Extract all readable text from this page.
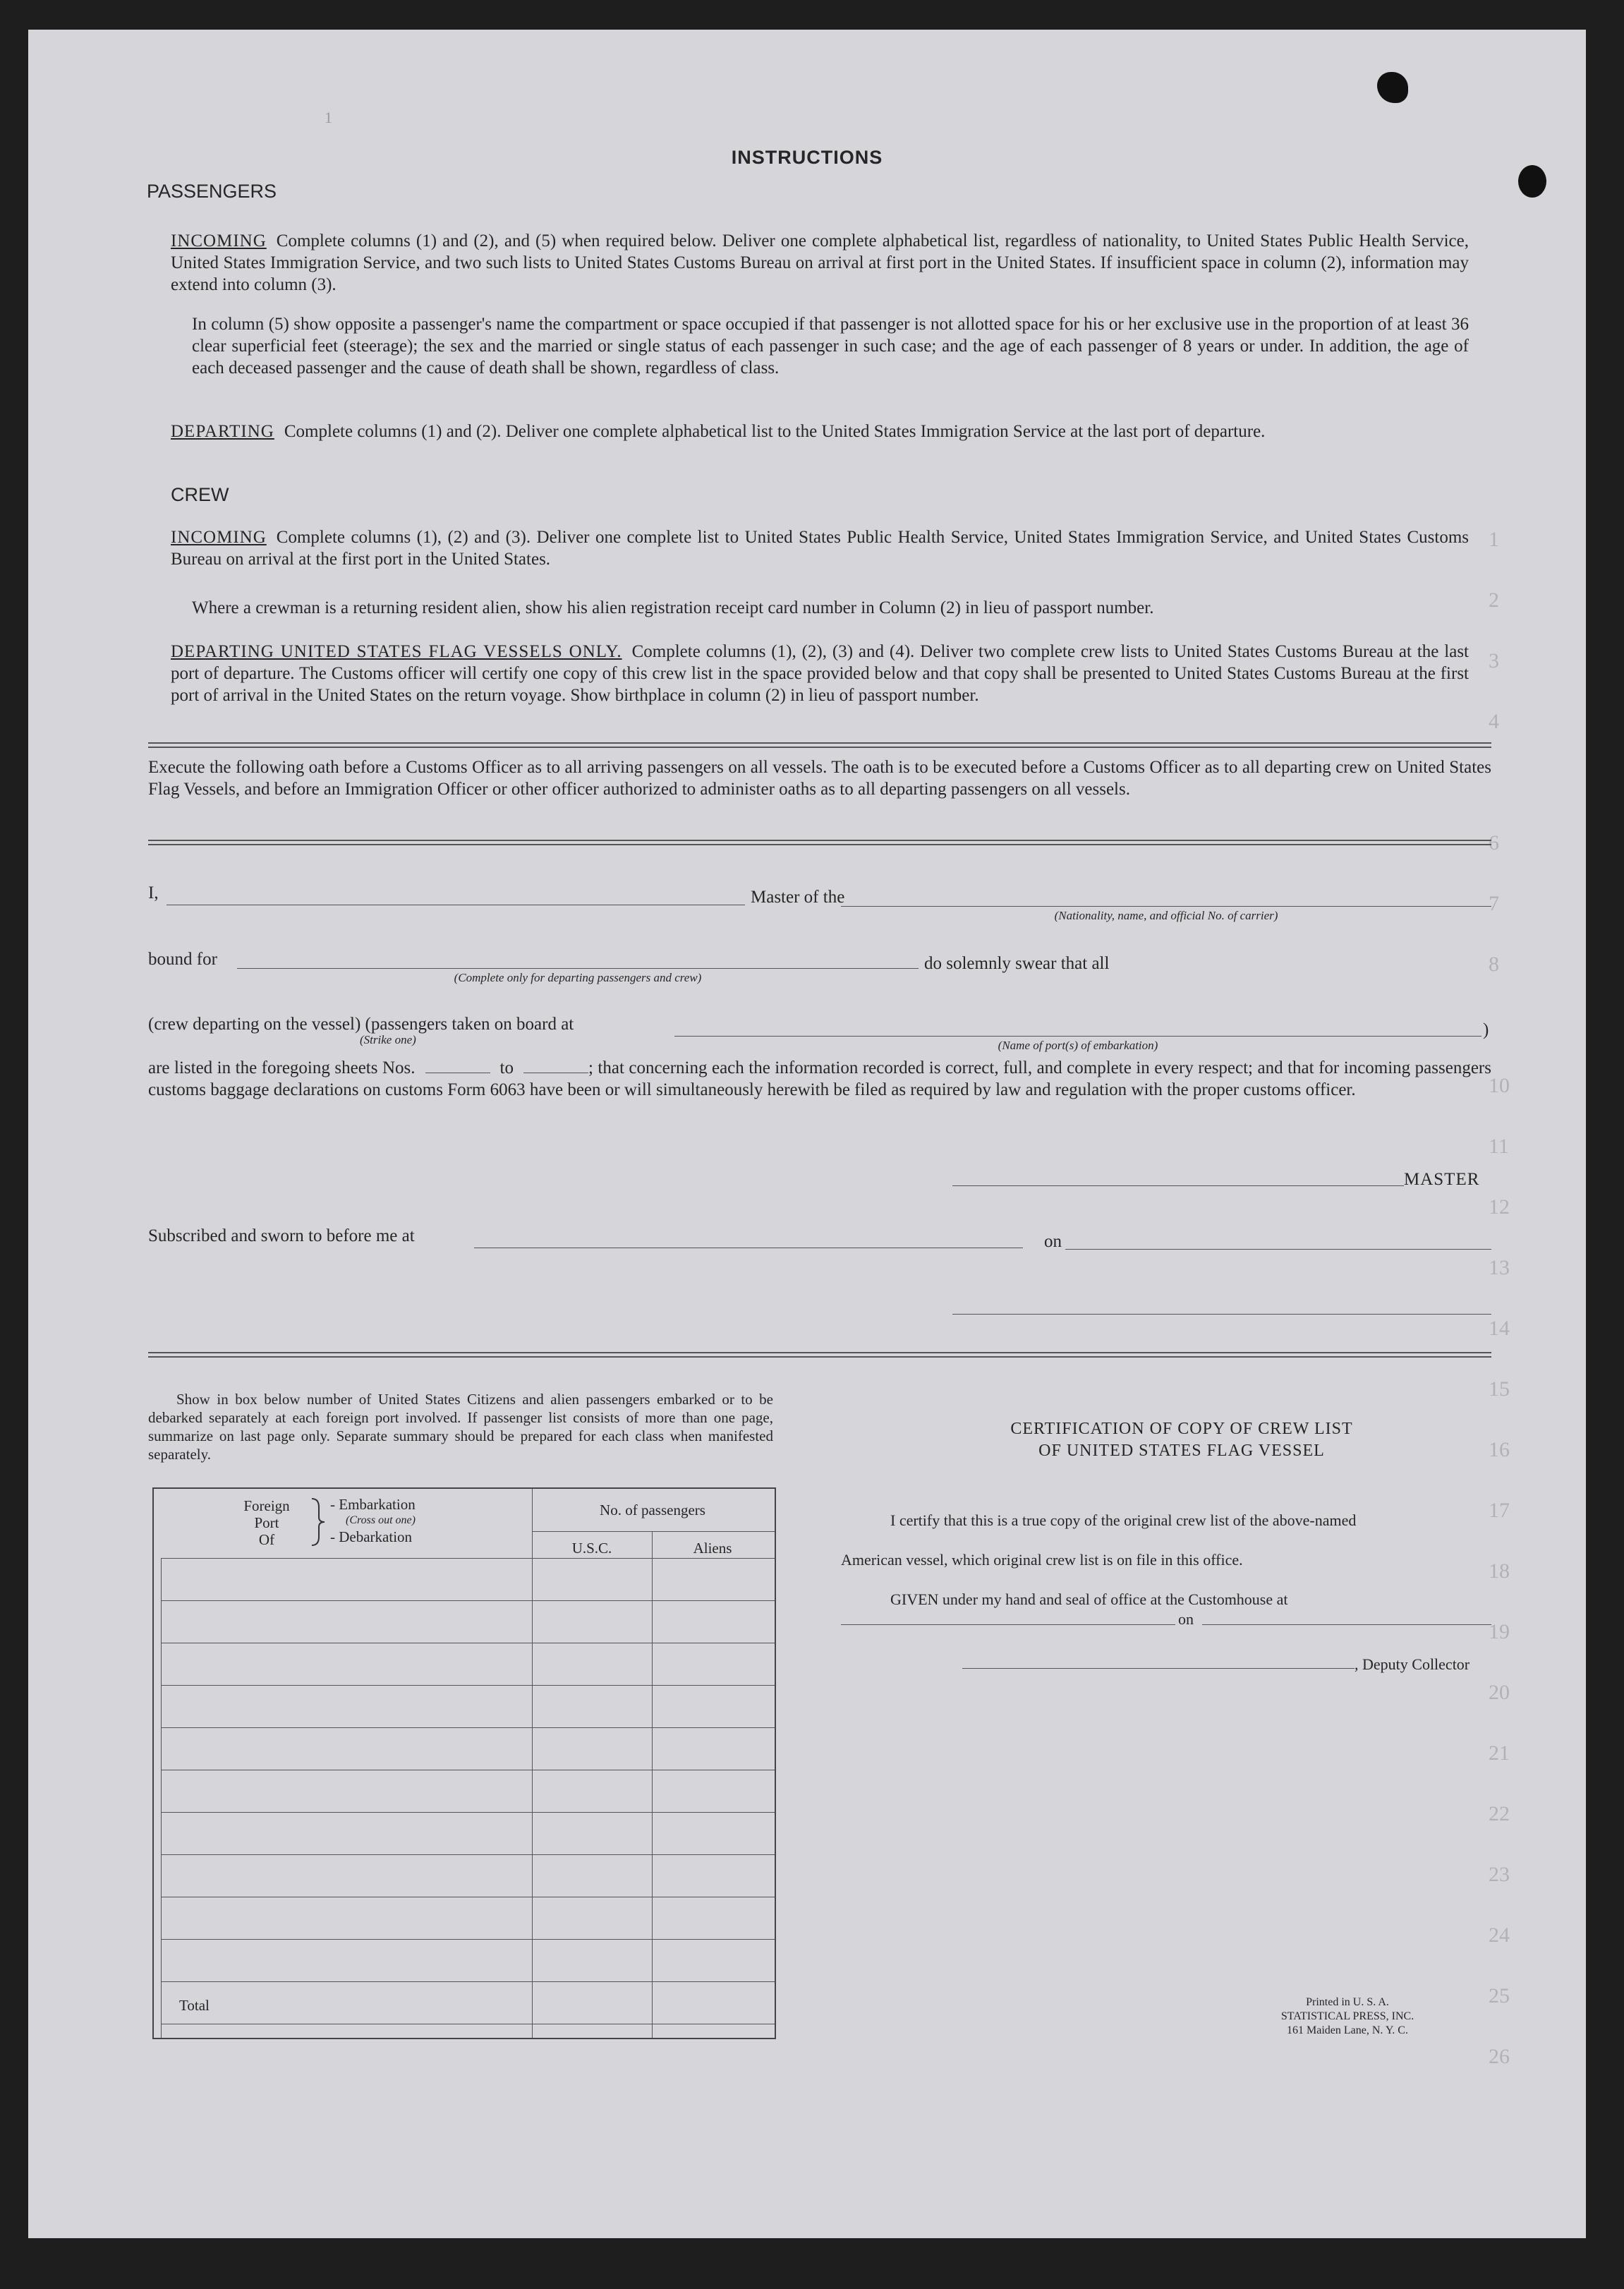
1
1
2
3
4

6
7
8

10
11
12
13
14
15
16
17
18
19
20
21
22
23
24
25
26
INSTRUCTIONS
PASSENGERS

INCOMING Complete columns (1) and (2), and (5) when required below. Deliver one complete alphabetical list, regardless of nationality, to United States Public Health Service, United States Immigration Service, and two such lists to United States Customs Bureau on arrival at first port in the United States. If insufficient space in column (2), information may extend into column (3).

In column (5) show opposite a passenger's name the compartment or space occupied if that passenger is not allotted space for his or her exclusive use in the proportion of at least 36 clear superficial feet (steerage); the sex and the married or single status of each passenger in such case; and the age of each passenger of 8 years or under. In addition, the age of each deceased passenger and the cause of death shall be shown, regardless of class.

DEPARTING Complete columns (1) and (2). Deliver one complete alphabetical list to the United States Immigration Service at the last port of departure.

CREW

INCOMING Complete columns (1), (2) and (3). Deliver one complete list to United States Public Health Service, United States Immigration Service, and United States Customs Bureau on arrival at the first port in the United States.

Where a crewman is a returning resident alien, show his alien registration receipt card number in Column (2) in lieu of passport number.

DEPARTING UNITED STATES FLAG VESSELS ONLY. Complete columns (1), (2), (3) and (4). Deliver two complete crew lists to United States Customs Bureau at the last port of departure. The Customs officer will certify one copy of this crew list in the space provided below and that copy shall be presented to United States Customs Bureau at the first port of arrival in the United States on the return voyage. Show birthplace in column (2) in lieu of passport number.

Execute the following oath before a Customs Officer as to all arriving passengers on all vessels. The oath is to be executed before a Customs Officer as to all departing crew on United States Flag Vessels, and before an Immigration Officer or other officer authorized to administer oaths as to all departing passengers on all vessels.

I,	Master of the
(Nationality, name, and official No. of carrier)
bound for
(Complete only for departing passengers and crew)
do solemnly swear that all
(crew departing on the vessel) (passengers taken on board at
(Strike one)
)
(Name of port(s) of embarkation)

are listed in the foregoing sheets Nos.	to	; that concerning each the information recorded is correct, full, and complete in every respect; and that for incoming passengers customs baggage declarations on customs Form 6063 have been or will simultaneously herewith be filed as required by law and regulation with the proper customs officer.

MASTER
Subscribed and sworn to before me at	on

Show in box below number of United States Citizens and alien passengers embarked or to be debarked separately at each foreign port involved. If passenger list consists of more than one page, summarize on last page only. Separate summary should be prepared for each class when manifested separately.

Foreign
Port
Of
- Embarkation
(Cross out one)
- Debarkation
No. of passengers
U.S.C.	Aliens
Total
CERTIFICATION OF COPY OF CREW LIST
OF UNITED STATES FLAG VESSEL
I certify that this is a true copy of the original crew list of the above-named
American vessel, which original crew list is on file in this office.
GIVEN under my hand and seal of office at the Customhouse at
on
, Deputy Collector
Printed in U. S. A.
STATISTICAL PRESS, INC.
161 Maiden Lane, N. Y. C.
